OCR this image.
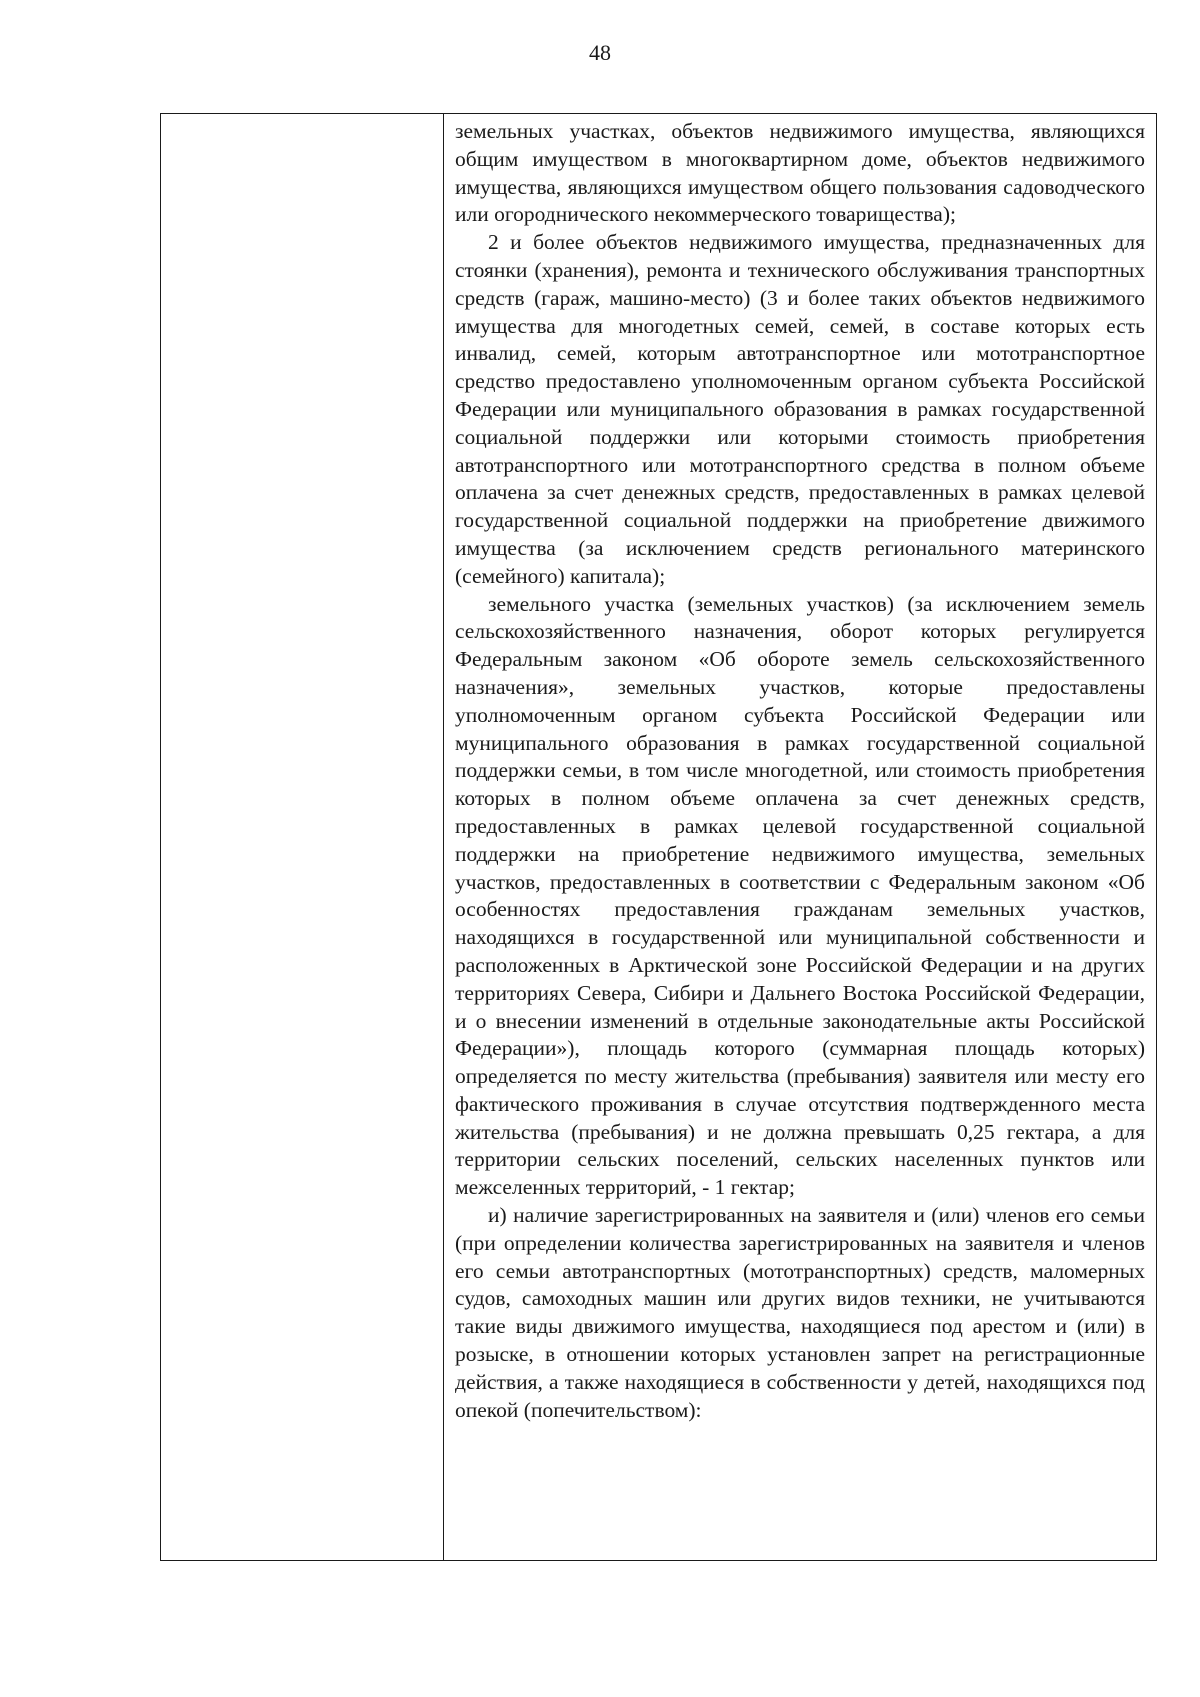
48

земельных участках, объектов недвижимого имущества, являющихся общим имуществом в многоквартирном доме, объектов недвижимого имущества, являющихся имуществом общего пользования садоводческого или огороднического некоммерческого товарищества);

2 и более объектов недвижимого имущества, предназначенных для стоянки (хранения), ремонта и технического обслуживания транспортных средств (гараж, машино-место) (3 и более таких объектов недвижимого имущества для многодетных семей, семей, в составе которых есть инвалид, семей, которым автотранспортное или мототранспортное средство предоставлено уполномоченным органом субъекта Российской Федерации или муниципального образования в рамках государственной социальной поддержки или которыми стоимость приобретения автотранспортного или мототранспортного средства в полном объеме оплачена за счет денежных средств, предоставленных в рамках целевой государственной социальной поддержки на приобретение движимого имущества (за исключением средств регионального материнского (семейного) капитала);

земельного участка (земельных участков) (за исключением земель сельскохозяйственного назначения, оборот которых регулируется Федеральным законом «Об обороте земель сельскохозяйственного назначения», земельных участков, которые предоставлены уполномоченным органом субъекта Российской Федерации или муниципального образования в рамках государственной социальной поддержки семьи, в том числе многодетной, или стоимость приобретения которых в полном объеме оплачена за счет денежных средств, предоставленных в рамках целевой государственной социальной поддержки на приобретение недвижимого имущества, земельных участков, предоставленных в соответствии с Федеральным законом «Об особенностях предоставления гражданам земельных участков, находящихся в государственной или муниципальной собственности и расположенных в Арктической зоне Российской Федерации и на других территориях Севера, Сибири и Дальнего Востока Российской Федерации, и о внесении изменений в отдельные законодательные акты Российской Федерации»), площадь которого (суммарная площадь которых) определяется по месту жительства (пребывания) заявителя или месту его фактического проживания в случае отсутствия подтвержденного места жительства (пребывания) и не должна превышать 0,25 гектара, а для территории сельских поселений, сельских населенных пунктов или межселенных территорий, - 1 гектар;

и) наличие зарегистрированных на заявителя и (или) членов его семьи (при определении количества зарегистрированных на заявителя и членов его семьи автотранспортных (мототранспортных) средств, маломерных судов, самоходных машин или других видов техники, не учитываются такие виды движимого имущества, находящиеся под арестом и (или) в розыске, в отношении которых установлен запрет на регистрационные действия, а также находящиеся в собственности у детей, находящихся под опекой (попечительством):
